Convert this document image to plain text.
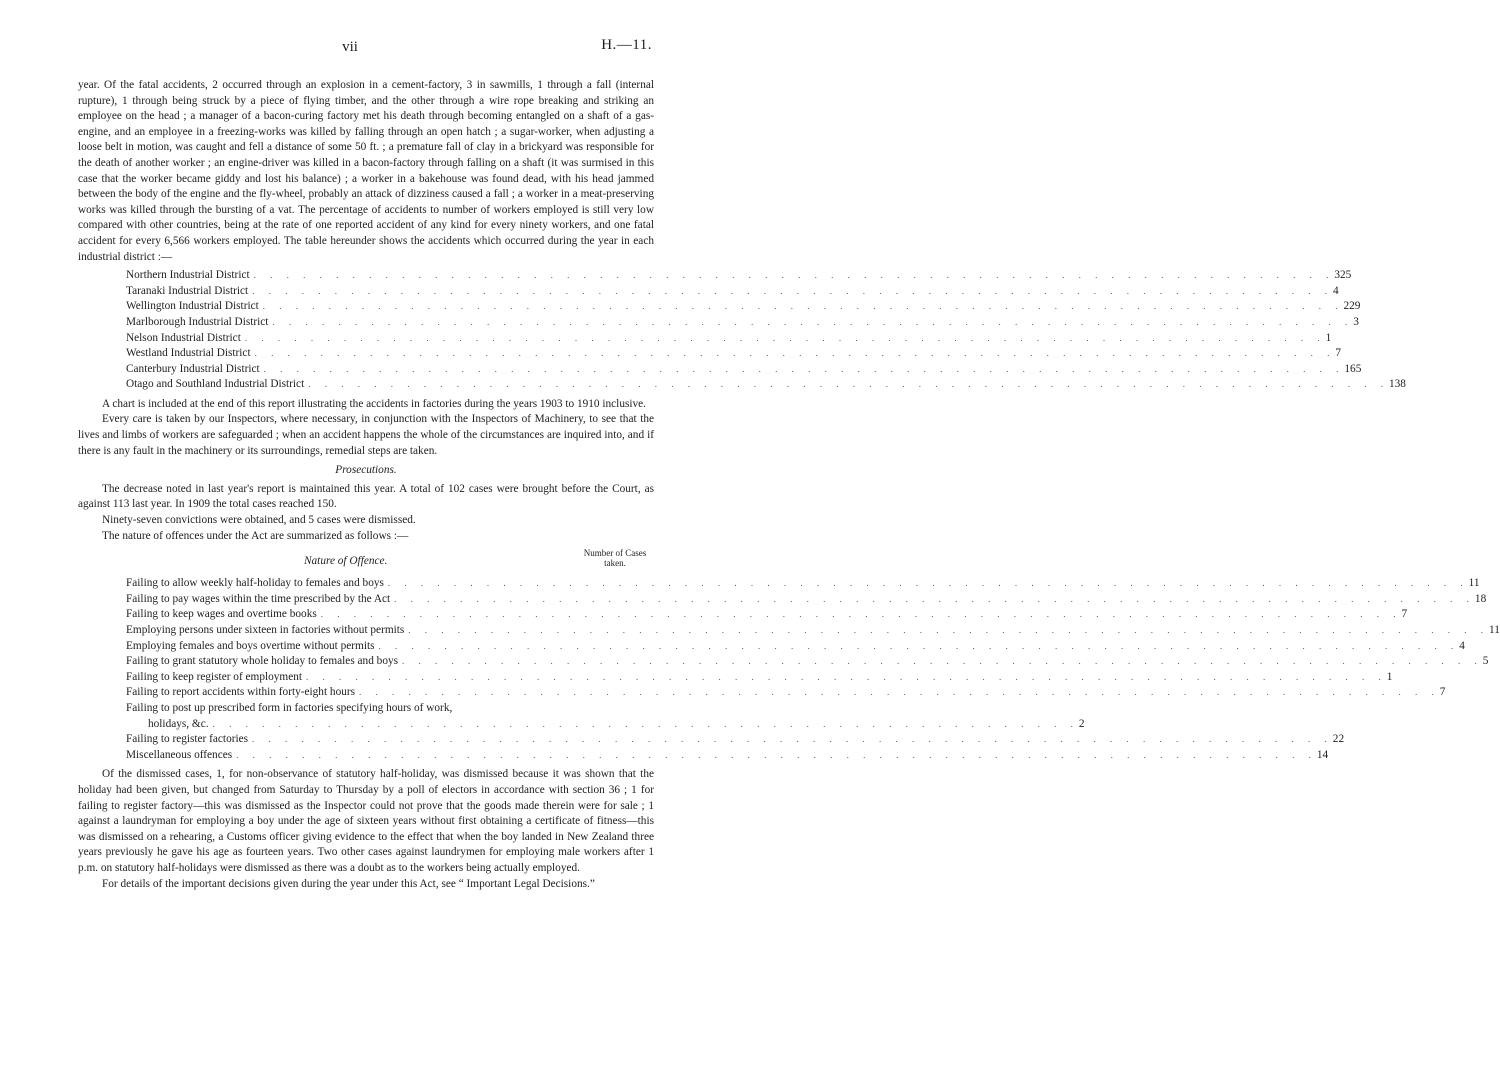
vii	H.—11.

year. Of the fatal accidents, 2 occurred through an explosion in a cement-factory, 3 in sawmills, 1 through a fall (internal rupture), 1 through being struck by a piece of flying timber, and the other through a wire rope breaking and striking an employee on the head ; a manager of a bacon-curing factory met his death through becoming entangled on a shaft of a gas-engine, and an employee in a freezing-works was killed by falling through an open hatch ; a sugar-worker, when adjusting a loose belt in motion, was caught and fell a distance of some 50 ft. ; a premature fall of clay in a brickyard was responsible for the death of another worker ; an engine-driver was killed in a bacon-factory through falling on a shaft (it was surmised in this case that the worker became giddy and lost his balance) ; a worker in a bakehouse was found dead, with his head jammed between the body of the engine and the fly-wheel, probably an attack of dizziness caused a fall ; a worker in a meat-preserving works was killed through the bursting of a vat. The percentage of accidents to number of workers employed is still very low compared with other countries, being at the rate of one reported accident of any kind for every ninety workers, and one fatal accident for every 6,566 workers employed. The table hereunder shows the accidents which occurred during the year in each industrial district :—

Northern Industrial District . . . . . . . . . . . . . . . . . . . . . . . . . . . . . . . . . . . . . . . . . . . . . . . . . . . . . . . . . . . . . . . . . . 325
Taranaki Industrial District . . . . . . . . . . . . . . . . . . . . . . . . . . . . . . . . . . . . . . . . . . . . . . . . . . . . . . . . . . . . . . . . . . 4
Wellington Industrial District . . . . . . . . . . . . . . . . . . . . . . . . . . . . . . . . . . . . . . . . . . . . . . . . . . . . . . . . . . . . . . . . . . 229
Marlborough Industrial District . . . . . . . . . . . . . . . . . . . . . . . . . . . . . . . . . . . . . . . . . . . . . . . . . . . . . . . . . . . . . . . . . . 3
Nelson Industrial District . . . . . . . . . . . . . . . . . . . . . . . . . . . . . . . . . . . . . . . . . . . . . . . . . . . . . . . . . . . . . . . . . . 1
Westland Industrial District . . . . . . . . . . . . . . . . . . . . . . . . . . . . . . . . . . . . . . . . . . . . . . . . . . . . . . . . . . . . . . . . . . 7
Canterbury Industrial District . . . . . . . . . . . . . . . . . . . . . . . . . . . . . . . . . . . . . . . . . . . . . . . . . . . . . . . . . . . . . . . . . . 165
Otago and Southland Industrial District . . . . . . . . . . . . . . . . . . . . . . . . . . . . . . . . . . . . . . . . . . . . . . . . . . . . . . . . . . . . . . . . . . 138

A chart is included at the end of this report illustrating the accidents in factories during the years 1903 to 1910 inclusive.

Every care is taken by our Inspectors, where necessary, in conjunction with the Inspectors of Machinery, to see that the lives and limbs of workers are safeguarded ; when an accident happens the whole of the circumstances are inquired into, and if there is any fault in the machinery or its surroundings, remedial steps are taken.

Prosecutions.

The decrease noted in last year's report is maintained this year. A total of 102 cases were brought before the Court, as against 113 last year. In 1909 the total cases reached 150.

Ninety-seven convictions were obtained, and 5 cases were dismissed.

The nature of offences under the Act are summarized as follows :—

Nature of Offence.
Number of Cases taken.
Failing to allow weekly half-holiday to females and boys . . . . . . . . . . . . . . . . . . . . . . . . . . . . . . . . . . . . . . . . . . . . . . . . . . . . . . . . . . . . . . . . . . 11
Failing to pay wages within the time prescribed by the Act . . . . . . . . . . . . . . . . . . . . . . . . . . . . . . . . . . . . . . . . . . . . . . . . . . . . . . . . . . . . . . . . . . 18
Failing to keep wages and overtime books . . . . . . . . . . . . . . . . . . . . . . . . . . . . . . . . . . . . . . . . . . . . . . . . . . . . . . . . . . . . . . . . . . 7
Employing persons under sixteen in factories without permits . . . . . . . . . . . . . . . . . . . . . . . . . . . . . . . . . . . . . . . . . . . . . . . . . . . . . . . . . . . . . . . . . . 11
Employing females and boys overtime without permits . . . . . . . . . . . . . . . . . . . . . . . . . . . . . . . . . . . . . . . . . . . . . . . . . . . . . . . . . . . . . . . . . . 4
Failing to grant statutory whole holiday to females and boys . . . . . . . . . . . . . . . . . . . . . . . . . . . . . . . . . . . . . . . . . . . . . . . . . . . . . . . . . . . . . . . . . . 5
Failing to keep register of employment . . . . . . . . . . . . . . . . . . . . . . . . . . . . . . . . . . . . . . . . . . . . . . . . . . . . . . . . . . . . . . . . . . 1
Failing to report accidents within forty-eight hours . . . . . . . . . . . . . . . . . . . . . . . . . . . . . . . . . . . . . . . . . . . . . . . . . . . . . . . . . . . . . . . . . . 7
Failing to post up prescribed form in factories specifying hours of work,
holidays, &c. . . . . . . . . . . . . . . . . . . . . . . . . . . . . . . . . . . . . . . . . . . . . . . . . . . . . . 2
Failing to register factories . . . . . . . . . . . . . . . . . . . . . . . . . . . . . . . . . . . . . . . . . . . . . . . . . . . . . . . . . . . . . . . . . . 22
Miscellaneous offences . . . . . . . . . . . . . . . . . . . . . . . . . . . . . . . . . . . . . . . . . . . . . . . . . . . . . . . . . . . . . . . . . . 14

Of the dismissed cases, 1, for non-observance of statutory half-holiday, was dismissed because it was shown that the holiday had been given, but changed from Saturday to Thursday by a poll of electors in accordance with section 36 ; 1 for failing to register factory—this was dismissed as the Inspector could not prove that the goods made therein were for sale ; 1 against a laundryman for employing a boy under the age of sixteen years without first obtaining a certificate of fitness—this was dismissed on a rehearing, a Customs officer giving evidence to the effect that when the boy landed in New Zealand three years previously he gave his age as fourteen years. Two other cases against laundrymen for employing male workers after 1 p.m. on statutory half-holidays were dismissed as there was a doubt as to the workers being actually employed.

For details of the important decisions given during the year under this Act, see “ Important Legal Decisions.”
